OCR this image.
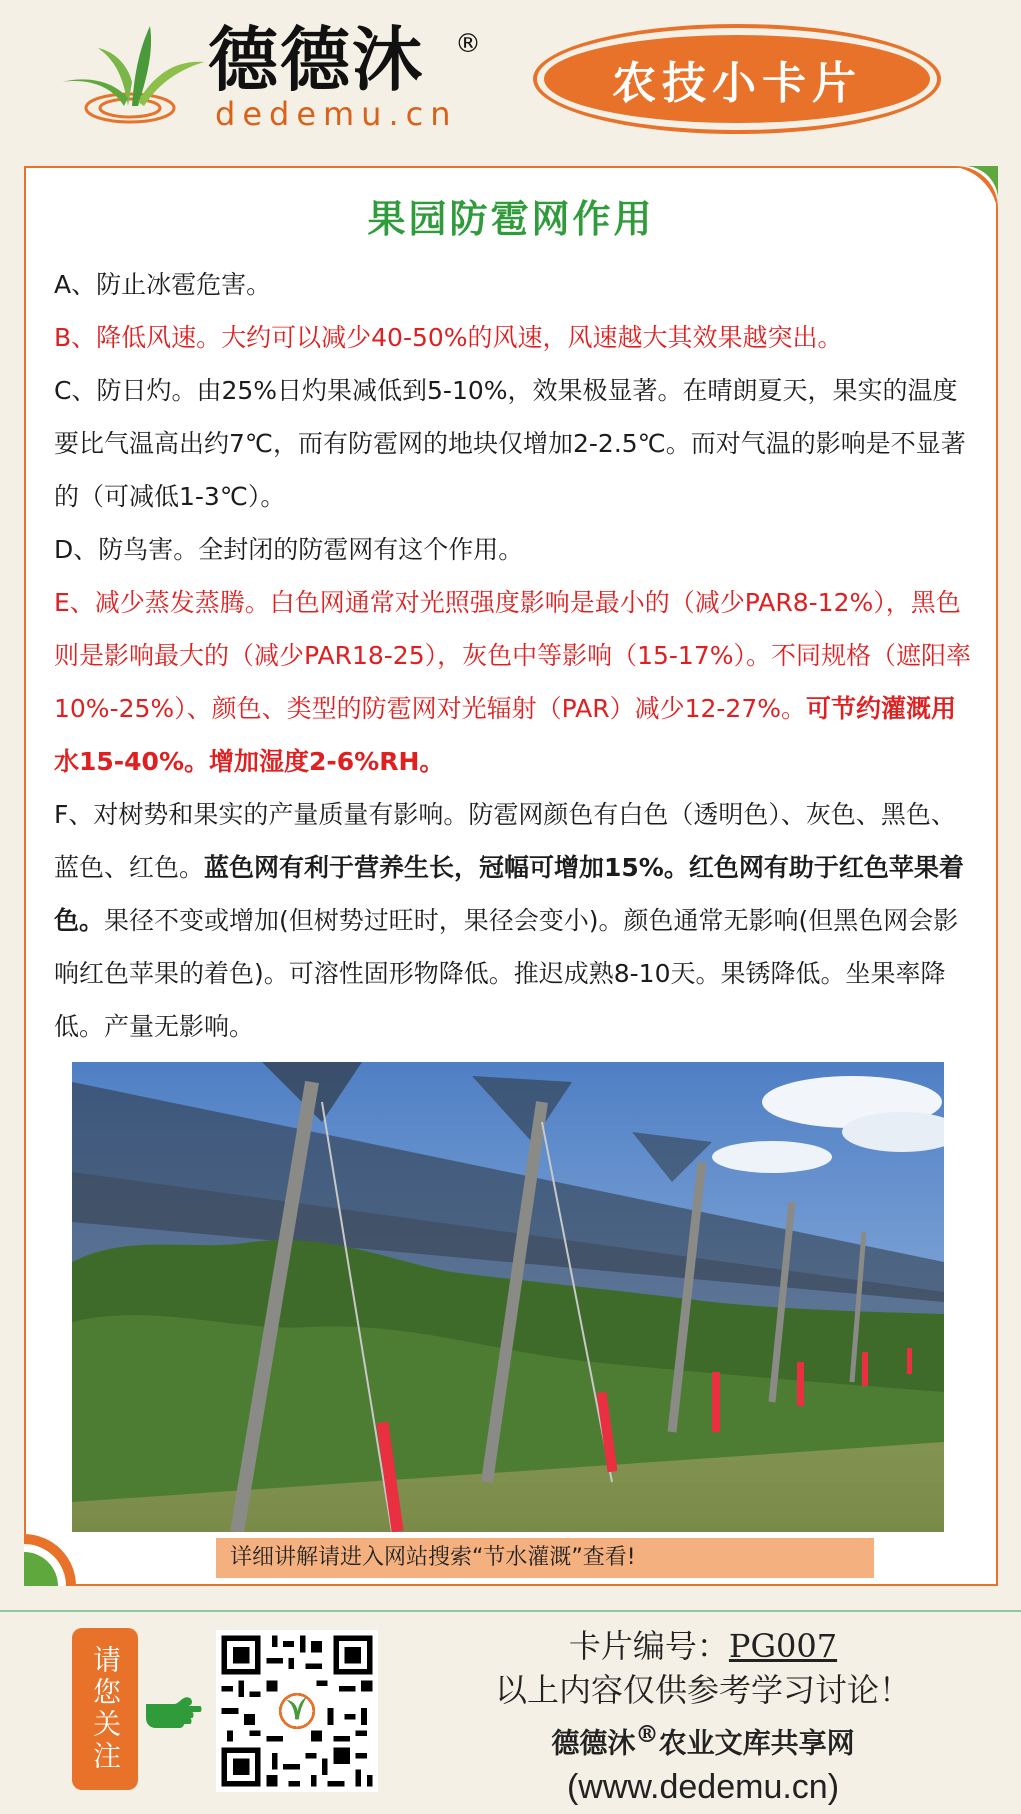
德德沐 ®
dedemu.cn
农技小卡片
果园防雹网作用
A、防止冰雹危害。
B、降低风速。大约可以减少40-50%的风速，风速越大其效果越突出。
C、防日灼。由25%日灼果减低到5-10%，效果极显著。在晴朗夏天，果实的温度要比气温高出约7℃，而有防雹网的地块仅增加2-2.5℃。而对气温的影响是不显著的（可减低1-3℃）。
D、防鸟害。全封闭的防雹网有这个作用。
E、减少蒸发蒸腾。白色网通常对光照强度影响是最小的（减少PAR8-12%），黑色则是影响最大的（减少PAR18-25），灰色中等影响（15-17%）。不同规格（遮阳率10%-25%）、颜色、类型的防雹网对光辐射（PAR）减少12-27%。可节约灌溉用水15-40%。增加湿度2-6%RH。
F、对树势和果实的产量质量有影响。防雹网颜色有白色（透明色）、灰色、黑色、蓝色、红色。蓝色网有利于营养生长，冠幅可增加15%。红色网有助于红色苹果着色。果径不变或增加(但树势过旺时，果径会变小)。颜色通常无影响(但黑色网会影响红色苹果的着色)。可溶性固形物降低。推迟成熟8-10天。果锈降低。坐果率降低。产量无影响。
详细讲解请进入网站搜索“节水灌溉”查看!
请您关注	卡片编号：PG007
以上内容仅供参考学习讨论！
德德沐®农业文库共享网
(www.dedemu.cn)
